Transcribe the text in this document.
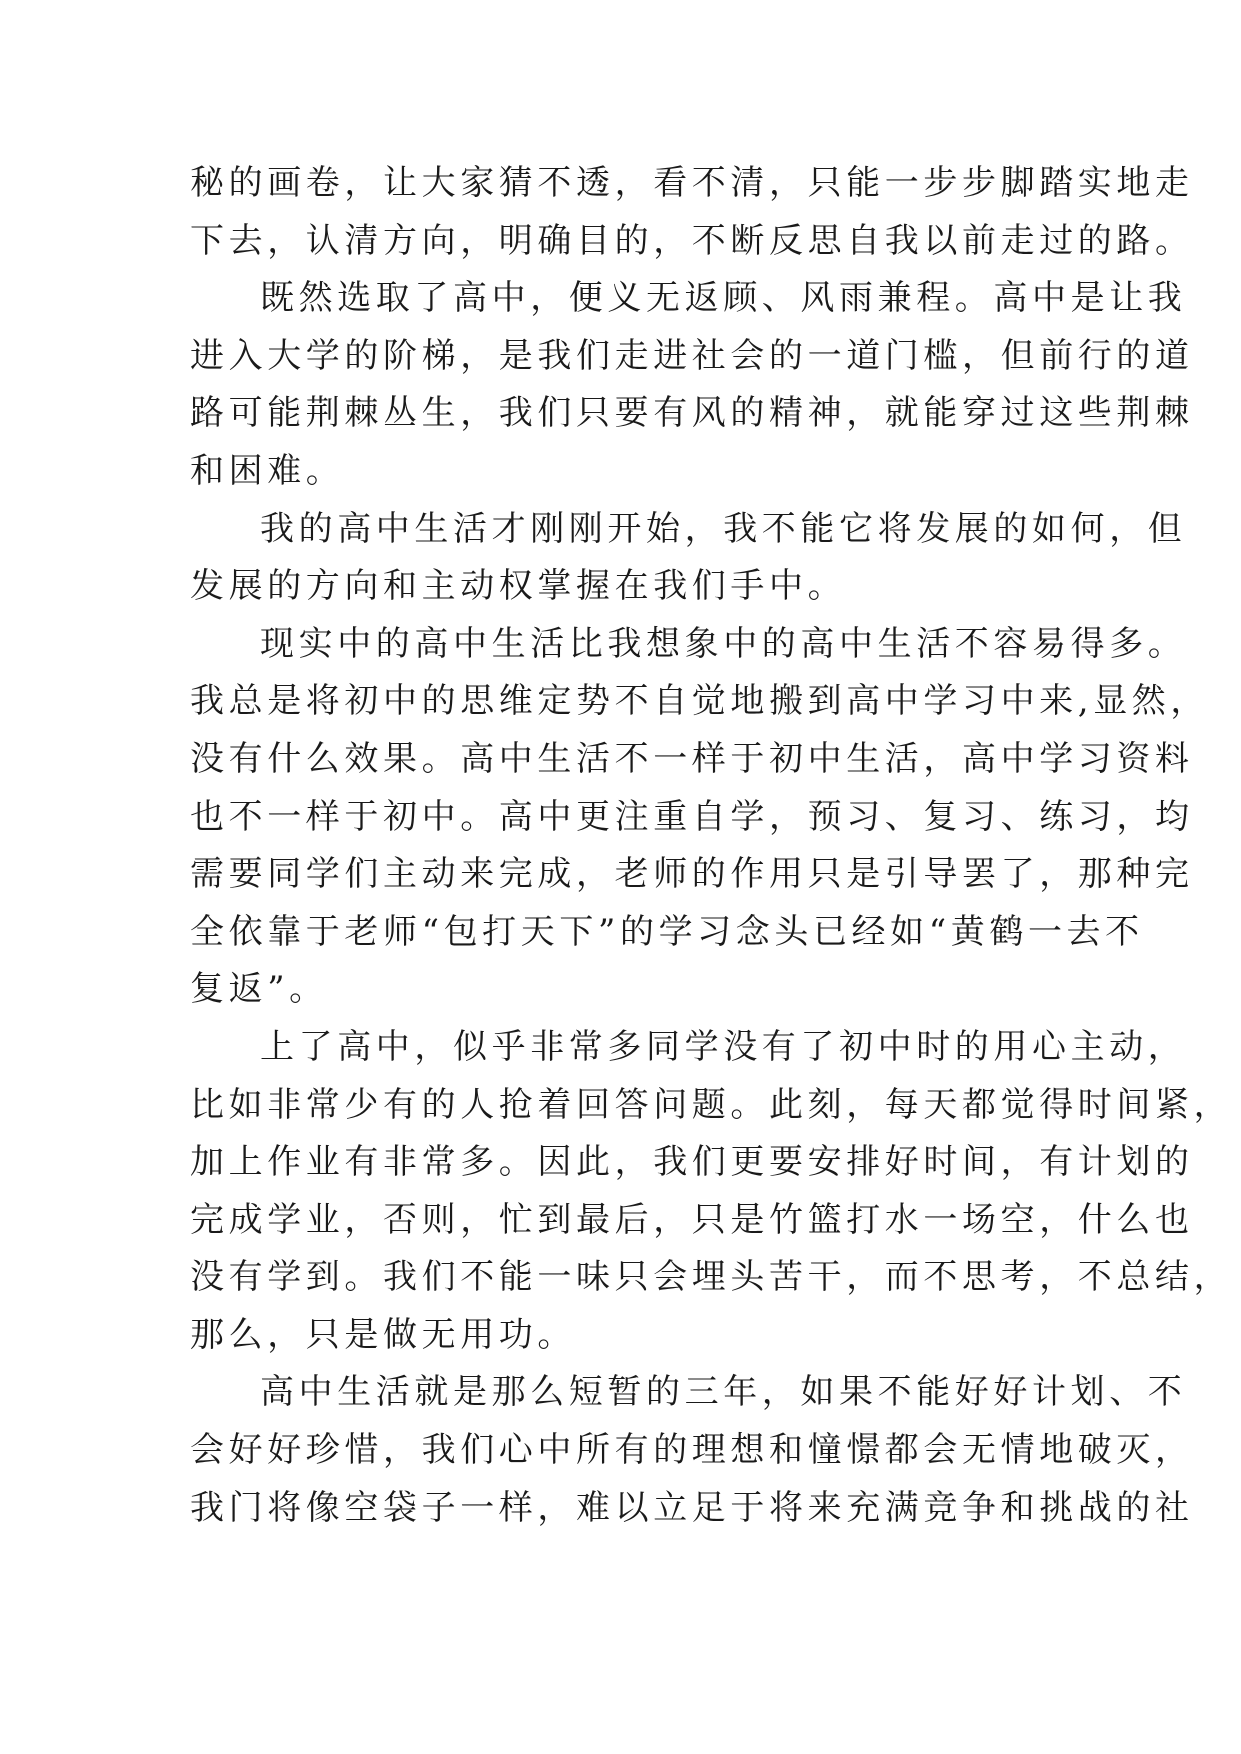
秘的画卷，让大家猜不透，看不清，只能一步步脚踏实地走
下去，认清方向，明确目的，不断反思自我以前走过的路。
既然选取了高中，便义无返顾、风雨兼程。高中是让我
进入大学的阶梯，是我们走进社会的一道门槛，但前行的道
路可能荆棘丛生，我们只要有风的精神，就能穿过这些荆棘
和困难。
我的高中生活才刚刚开始，我不能它将发展的如何，但
发展的方向和主动权掌握在我们手中。
现实中的高中生活比我想象中的高中生活不容易得多。
我总是将初中的思维定势不自觉地搬到高中学习中来,显然，
没有什么效果。高中生活不一样于初中生活，高中学习资料
也不一样于初中。高中更注重自学，预习、复习、练习，均
需要同学们主动来完成，老师的作用只是引导罢了，那种完
全依靠于老师“包打天下”的学习念头已经如“黄鹤一去不
复返”。
上了高中，似乎非常多同学没有了初中时的用心主动，
比如非常少有的人抢着回答问题。此刻，每天都觉得时间紧，
加上作业有非常多。因此，我们更要安排好时间，有计划的
完成学业，否则，忙到最后，只是竹篮打水一场空，什么也
没有学到。我们不能一味只会埋头苦干，而不思考，不总结，
那么，只是做无用功。
高中生活就是那么短暂的三年，如果不能好好计划、不
会好好珍惜，我们心中所有的理想和憧憬都会无情地破灭，
我门将像空袋子一样，难以立足于将来充满竞争和挑战的社
